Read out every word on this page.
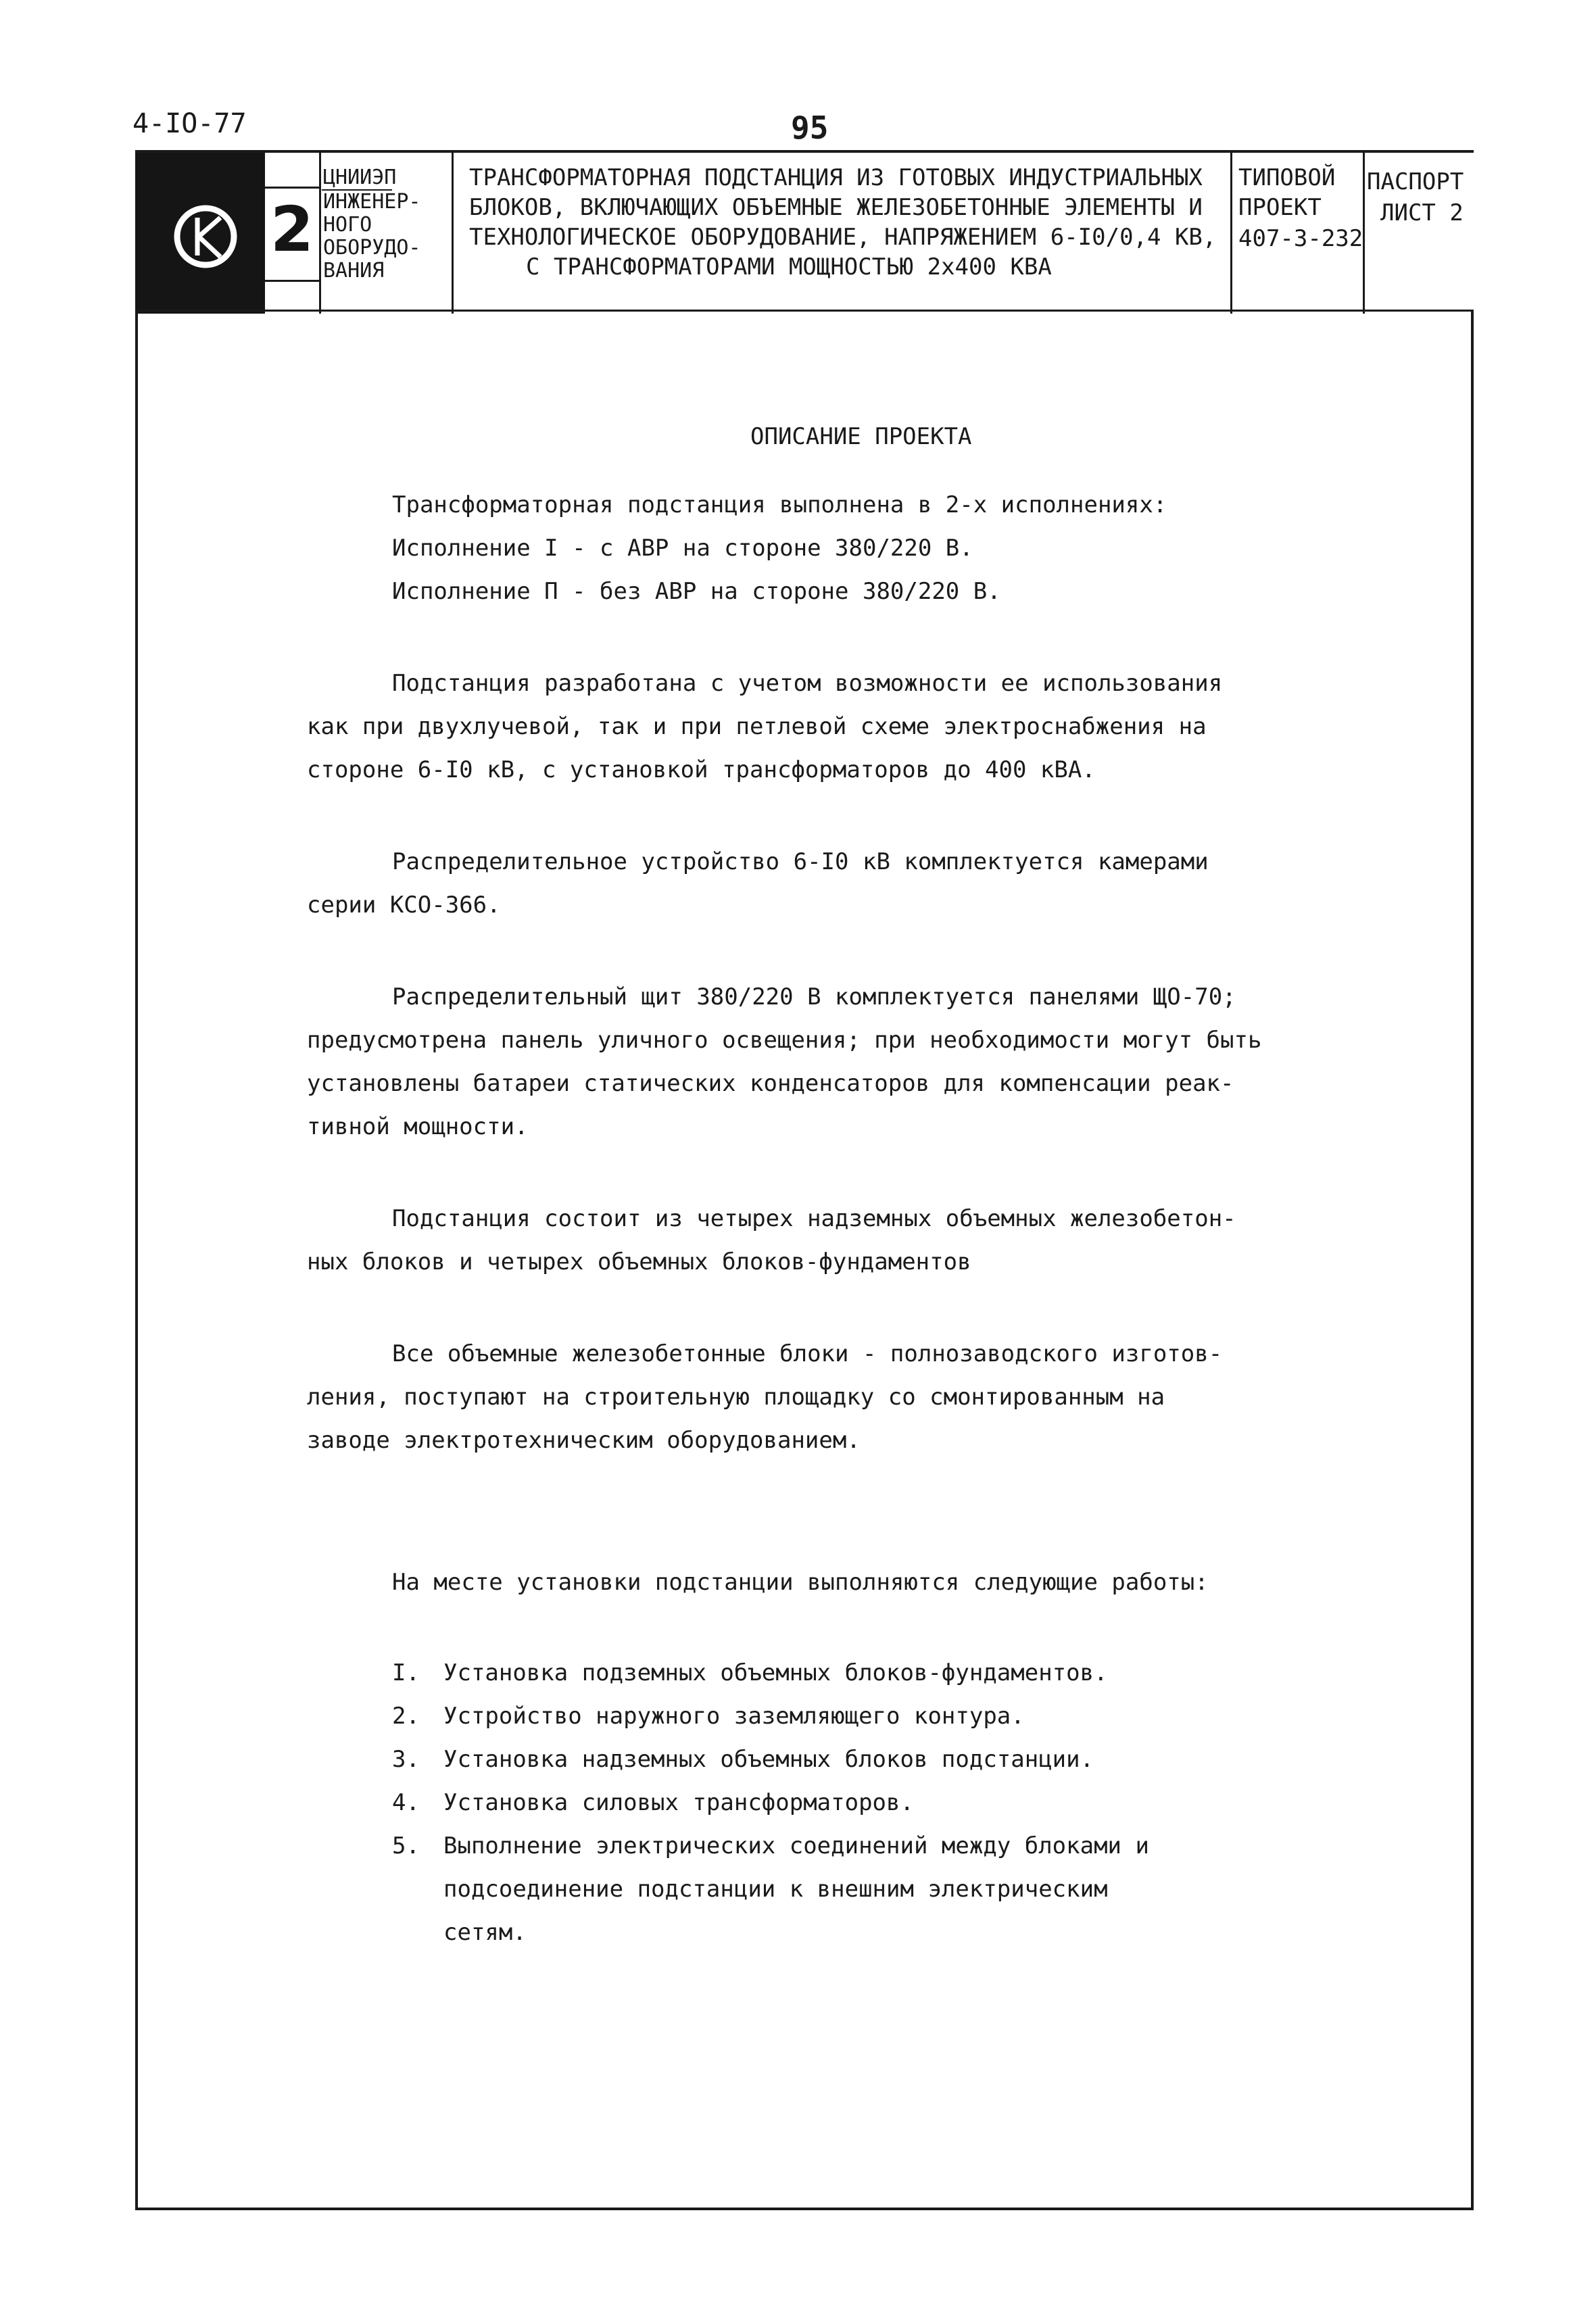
4-IO-77	95
2
ЦНИИЭП
ИНЖЕНЕР-
НОГО
ОБОРУДО-
ВАНИЯ
ТРАНСФОРМАТОРНАЯ ПОДСТАНЦИЯ ИЗ ГОТОВЫХ ИНДУСТРИАЛЬНЫХ
БЛОКОВ, ВКЛЮЧАЮЩИХ ОБЪЕМНЫЕ ЖЕЛЕЗОБЕТОННЫЕ ЭЛЕМЕНТЫ И
ТЕХНОЛОГИЧЕСКОЕ ОБОРУДОВАНИЕ, НАПРЯЖЕНИЕМ 6-I0/0,4 КВ,
С ТРАНСФОРМАТОРАМИ МОЩНОСТЬЮ 2х400 КВА
ТИПОВОЙ
ПРОЕКТ
407-3-232
ПАСПОРТ
ЛИСТ 2
ОПИСАНИЕ ПРОЕКТА
Трансформаторная подстанция выполнена в 2-х исполнениях:
Исполнение I - с АВР на стороне 380/220 В.
Исполнение П - без АВР на стороне 380/220 В.
Подстанция разработана с учетом возможности ее использования
как при двухлучевой, так и при петлевой схеме электроснабжения на
стороне 6-I0 кВ, с установкой трансформаторов до 400 кВА.
Распределительное устройство 6-I0 кВ комплектуется камерами
серии КСО-366.
Распределительный щит 380/220 В комплектуется панелями ЩО-70;
предусмотрена панель уличного освещения; при необходимости могут быть
установлены батареи статических конденсаторов для компенсации реак-
тивной мощности.
Подстанция состоит из четырех надземных объемных железобетон-
ных блоков и четырех объемных блоков-фундаментов
Все объемные железобетонные блоки - полнозаводского изготов-
ления, поступают на строительную площадку со смонтированным на
заводе электротехническим оборудованием.
На месте установки подстанции выполняются следующие работы:
I. Установка подземных объемных блоков-фундаментов.
2. Устройство наружного заземляющего контура.
3. Установка надземных объемных блоков подстанции.
4. Установка силовых трансформаторов.
5. Выполнение электрических соединений между блоками и
подсоединение подстанции к внешним электрическим
сетям.
